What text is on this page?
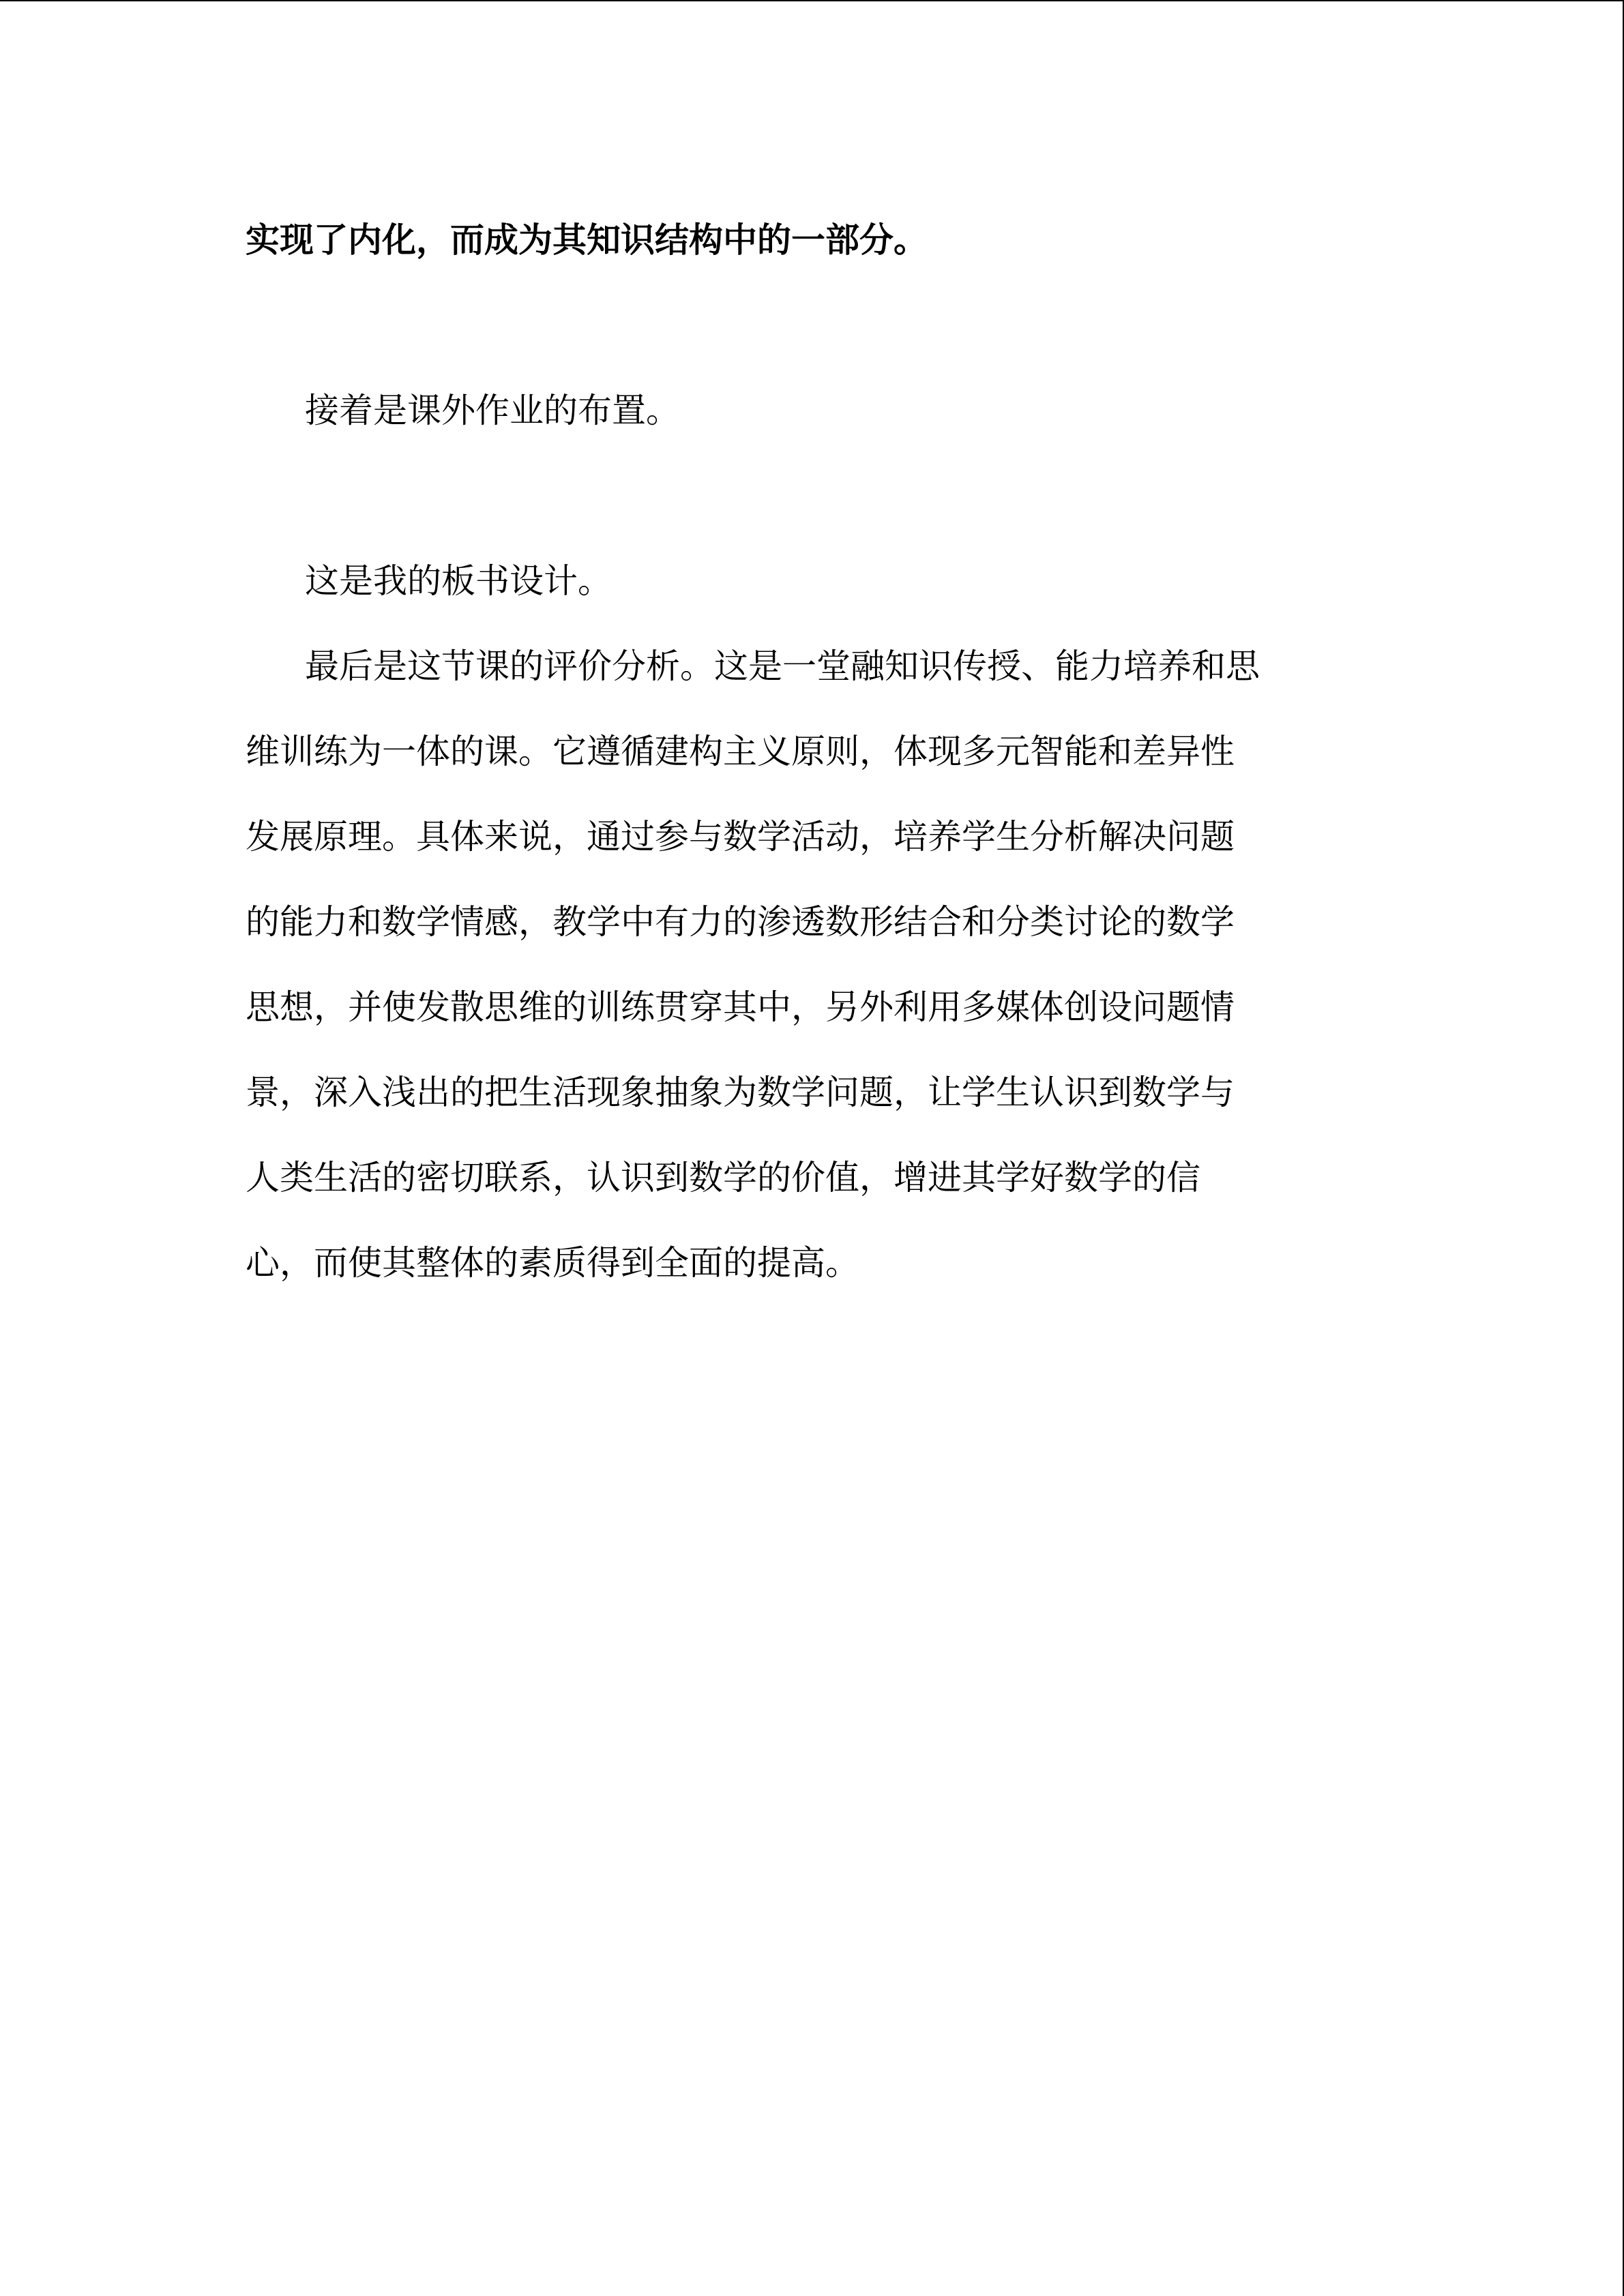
实现了内化，而成为其知识结构中的一部分。
接着是课外作业的布置。
这是我的板书设计。
最后是这节课的评价分析。这是一堂融知识传授、能力培养和思
维训练为一体的课。它遵循建构主义原则，体现多元智能和差异性
发展原理。具体来说，通过参与数学活动，培养学生分析解决问题
的能力和数学情感，教学中有力的渗透数形结合和分类讨论的数学
思想，并使发散思维的训练贯穿其中，另外利用多媒体创设问题情
景，深入浅出的把生活现象抽象为数学问题，让学生认识到数学与
人类生活的密切联系，认识到数学的价值，增进其学好数学的信
心，而使其整体的素质得到全面的提高。
